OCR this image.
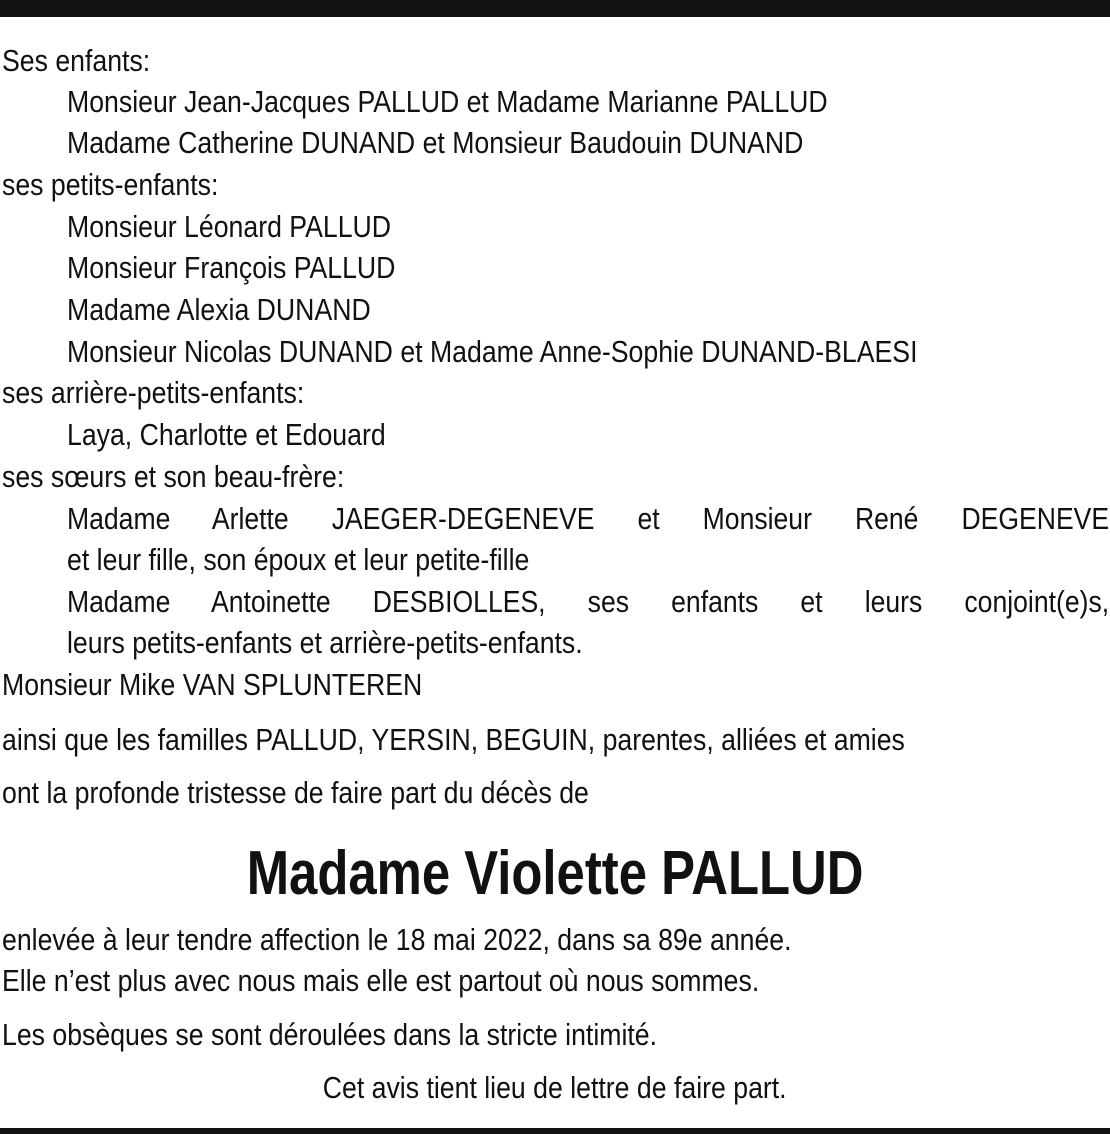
Ses enfants:
Monsieur Jean-Jacques PALLUD et Madame Marianne PALLUD
Madame Catherine DUNAND et Monsieur Baudouin DUNAND
ses petits-enfants:
Monsieur Léonard PALLUD
Monsieur François PALLUD
Madame Alexia DUNAND
Monsieur Nicolas DUNAND et Madame Anne-Sophie DUNAND-BLAESI
ses arrière-petits-enfants:
Laya, Charlotte et Edouard
ses sœurs et son beau-frère:
Madame Arlette JAEGER-DEGENEVE et Monsieur René DEGENEVE
et leur fille, son époux et leur petite-fille
Madame Antoinette DESBIOLLES, ses enfants et leurs conjoint(e)s,
leurs petits-enfants et arrière-petits-enfants.
Monsieur Mike VAN SPLUNTEREN
ainsi que les familles PALLUD, YERSIN, BEGUIN, parentes, alliées et amies
ont la profonde tristesse de faire part du décès de
Madame Violette PALLUD
enlevée à leur tendre affection le 18 mai 2022, dans sa 89e année.
Elle n’est plus avec nous mais elle est partout où nous sommes.
Les obsèques se sont déroulées dans la stricte intimité.
Cet avis tient lieu de lettre de faire part.
